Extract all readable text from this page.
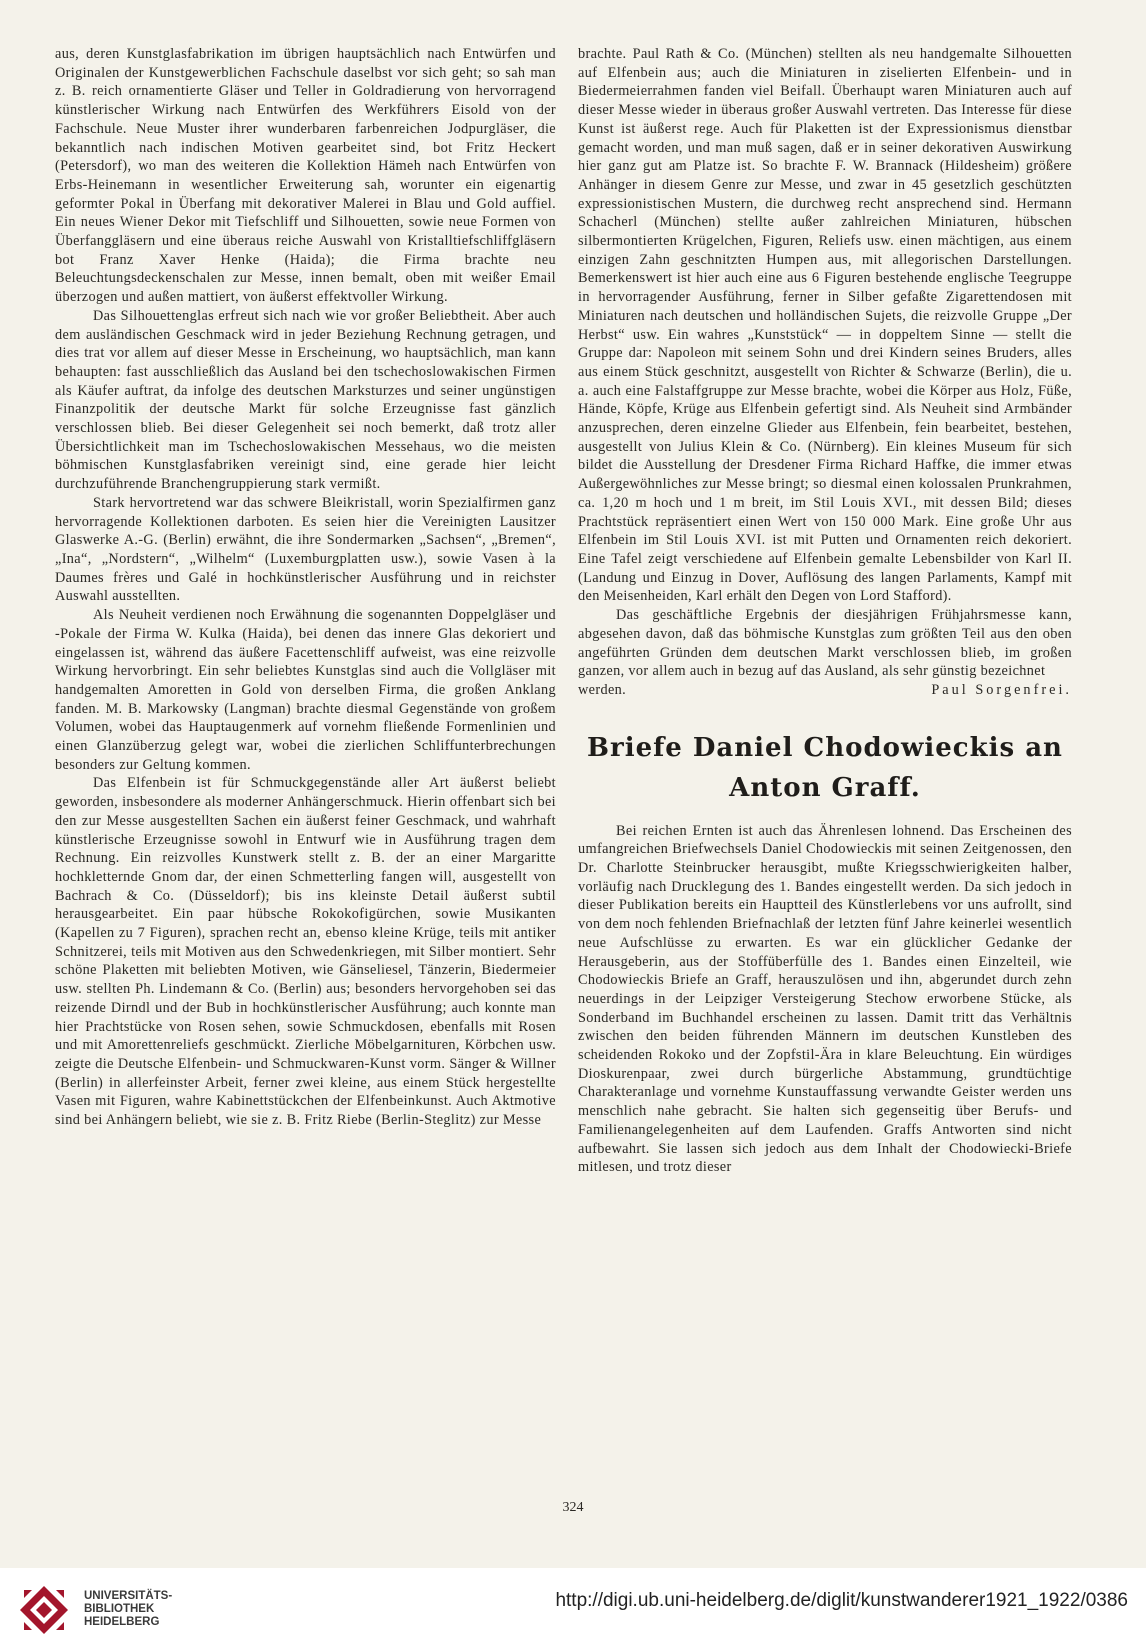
aus, deren Kunstglasfabrikation im übrigen hauptsächlich nach Entwürfen und Originalen der Kunstgewerblichen Fachschule daselbst vor sich geht; so sah man z. B. reich ornamentierte Gläser und Teller in Goldradierung von hervorragend künstlerischer Wirkung nach Entwürfen des Werkführers Eisold von der Fachschule. Neue Muster ihrer wunderbaren farbenreichen Jodpurgläser, die bekanntlich nach indischen Motiven gearbeitet sind, bot Fritz Heckert (Petersdorf), wo man des weiteren die Kollektion Hämeh nach Entwürfen von Erbs-Heinemann in wesentlicher Erweiterung sah, worunter ein eigenartig geformter Pokal in Überfang mit dekorativer Malerei in Blau und Gold auffiel. Ein neues Wiener Dekor mit Tiefschliff und Silhouetten, sowie neue Formen von Überfanggläsern und eine überaus reiche Auswahl von Kristalltiefschliffgläsern bot Franz Xaver Henke (Haida); die Firma brachte neu Beleuchtungsdeckenschalen zur Messe, innen bemalt, oben mit weißer Email überzogen und außen mattiert, von äußerst effektvoller Wirkung.

Das Silhouettenglas erfreut sich nach wie vor großer Beliebtheit. Aber auch dem ausländischen Geschmack wird in jeder Beziehung Rechnung getragen, und dies trat vor allem auf dieser Messe in Erscheinung, wo hauptsächlich, man kann behaupten: fast ausschließlich das Ausland bei den tschechoslowakischen Firmen als Käufer auftrat, da infolge des deutschen Marksturzes und seiner ungünstigen Finanzpolitik der deutsche Markt für solche Erzeugnisse fast gänzlich verschlossen blieb. Bei dieser Gelegenheit sei noch bemerkt, daß trotz aller Übersichtlichkeit man im Tschechoslowakischen Messehaus, wo die meisten böhmischen Kunstglasfabriken vereinigt sind, eine gerade hier leicht durchzuführende Branchengruppierung stark vermißt.

Stark hervortretend war das schwere Bleikristall, worin Spezialfirmen ganz hervorragende Kollektionen darboten. Es seien hier die Vereinigten Lausitzer Glaswerke A.-G. (Berlin) erwähnt, die ihre Sondermarken „Sachsen“, „Bremen“, „Ina“, „Nordstern“, „Wilhelm“ (Luxemburgplatten usw.), sowie Vasen à la Daumes frères und Galé in hochkünstlerischer Ausführung und in reichster Auswahl ausstellten.

Als Neuheit verdienen noch Erwähnung die sogenannten Doppelgläser und -Pokale der Firma W. Kulka (Haida), bei denen das innere Glas dekoriert und eingelassen ist, während das äußere Facettenschliff aufweist, was eine reizvolle Wirkung hervorbringt. Ein sehr beliebtes Kunstglas sind auch die Vollgläser mit handgemalten Amoretten in Gold von derselben Firma, die großen Anklang fanden. M. B. Markowsky (Langman) brachte diesmal Gegenstände von großem Volumen, wobei das Hauptaugenmerk auf vornehm fließende Formenlinien und einen Glanzüberzug gelegt war, wobei die zierlichen Schliffunterbrechungen besonders zur Geltung kommen.

Das Elfenbein ist für Schmuckgegenstände aller Art äußerst beliebt geworden, insbesondere als moderner Anhängerschmuck. Hierin offenbart sich bei den zur Messe ausgestellten Sachen ein äußerst feiner Geschmack, und wahrhaft künstlerische Erzeugnisse sowohl in Entwurf wie in Ausführung tragen dem Rechnung. Ein reizvolles Kunstwerk stellt z. B. der an einer Margaritte hochkletternde Gnom dar, der einen Schmetterling fangen will, ausgestellt von Bachrach & Co. (Düsseldorf); bis ins kleinste Detail äußerst subtil herausgearbeitet. Ein paar hübsche Rokokofigürchen, sowie Musikanten (Kapellen zu 7 Figuren), sprachen recht an, ebenso kleine Krüge, teils mit antiker Schnitzerei, teils mit Motiven aus den Schwedenkriegen, mit Silber montiert. Sehr schöne Plaketten mit beliebten Motiven, wie Gänseliesel, Tänzerin, Biedermeier usw. stellten Ph. Lindemann & Co. (Berlin) aus; besonders hervorgehoben sei das reizende Dirndl und der Bub in hochkünstlerischer Ausführung; auch konnte man hier Prachtstücke von Rosen sehen, sowie Schmuckdosen, ebenfalls mit Rosen und mit Amorettenreliefs geschmückt. Zierliche Möbelgarnituren, Körbchen usw. zeigte die Deutsche Elfenbein- und Schmuckwaren-Kunst vorm. Sänger & Willner (Berlin) in allerfeinster Arbeit, ferner zwei kleine, aus einem Stück hergestellte Vasen mit Figuren, wahre Kabinettstückchen der Elfenbeinkunst. Auch Aktmotive sind bei Anhängern beliebt, wie sie z. B. Fritz Riebe (Berlin-Steglitz) zur Messe

brachte. Paul Rath & Co. (München) stellten als neu handgemalte Silhouetten auf Elfenbein aus; auch die Miniaturen in ziselierten Elfenbein- und in Biedermeierrahmen fanden viel Beifall. Überhaupt waren Miniaturen auch auf dieser Messe wieder in überaus großer Auswahl vertreten. Das Interesse für diese Kunst ist äußerst rege. Auch für Plaketten ist der Expressionismus dienstbar gemacht worden, und man muß sagen, daß er in seiner dekorativen Auswirkung hier ganz gut am Platze ist. So brachte F. W. Brannack (Hildesheim) größere Anhänger in diesem Genre zur Messe, und zwar in 45 gesetzlich geschützten expressionistischen Mustern, die durchweg recht ansprechend sind. Hermann Schacherl (München) stellte außer zahlreichen Miniaturen, hübschen silbermontierten Krügelchen, Figuren, Reliefs usw. einen mächtigen, aus einem einzigen Zahn geschnitzten Humpen aus, mit allegorischen Darstellungen. Bemerkenswert ist hier auch eine aus 6 Figuren bestehende englische Teegruppe in hervorragender Ausführung, ferner in Silber gefaßte Zigarettendosen mit Miniaturen nach deutschen und holländischen Sujets, die reizvolle Gruppe „Der Herbst“ usw. Ein wahres „Kunststück“ — in doppeltem Sinne — stellt die Gruppe dar: Napoleon mit seinem Sohn und drei Kindern seines Bruders, alles aus einem Stück geschnitzt, ausgestellt von Richter & Schwarze (Berlin), die u. a. auch eine Falstaffgruppe zur Messe brachte, wobei die Körper aus Holz, Füße, Hände, Köpfe, Krüge aus Elfenbein gefertigt sind. Als Neuheit sind Armbänder anzusprechen, deren einzelne Glieder aus Elfenbein, fein bearbeitet, bestehen, ausgestellt von Julius Klein & Co. (Nürnberg). Ein kleines Museum für sich bildet die Ausstellung der Dresdener Firma Richard Haffke, die immer etwas Außergewöhnliches zur Messe bringt; so diesmal einen kolossalen Prunkrahmen, ca. 1,20 m hoch und 1 m breit, im Stil Louis XVI., mit dessen Bild; dieses Prachtstück repräsentiert einen Wert von 150 000 Mark. Eine große Uhr aus Elfenbein im Stil Louis XVI. ist mit Putten und Ornamenten reich dekoriert. Eine Tafel zeigt verschiedene auf Elfenbein gemalte Lebensbilder von Karl II. (Landung und Einzug in Dover, Auflösung des langen Parlaments, Kampf mit den Meisenheiden, Karl erhält den Degen von Lord Stafford).

Das geschäftliche Ergebnis der diesjährigen Frühjahrsmesse kann, abgesehen davon, daß das böhmische Kunstglas zum größten Teil aus den oben angeführten Gründen dem deutschen Markt verschlossen blieb, im großen ganzen, vor allem auch in bezug auf das Ausland, als sehr günstig bezeichnet

werden.	Paul Sorgenfrei.

Briefe Daniel Chodowieckis an
Anton Graff.

Bei reichen Ernten ist auch das Ährenlesen lohnend. Das Erscheinen des umfangreichen Briefwechsels Daniel Chodowieckis mit seinen Zeitgenossen, den Dr. Charlotte Steinbrucker herausgibt, mußte Kriegsschwierigkeiten halber, vorläufig nach Drucklegung des 1. Bandes eingestellt werden. Da sich jedoch in dieser Publikation bereits ein Hauptteil des Künstlerlebens vor uns aufrollt, sind von dem noch fehlenden Briefnachlaß der letzten fünf Jahre keinerlei wesentlich neue Aufschlüsse zu erwarten. Es war ein glücklicher Gedanke der Herausgeberin, aus der Stoffüberfülle des 1. Bandes einen Einzelteil, wie Chodowieckis Briefe an Graff, herauszulösen und ihn, abgerundet durch zehn neuerdings in der Leipziger Versteigerung Stechow erworbene Stücke, als Sonderband im Buchhandel erscheinen zu lassen. Damit tritt das Verhältnis zwischen den beiden führenden Männern im deutschen Kunstleben des scheidenden Rokoko und der Zopfstil-Ära in klare Beleuchtung. Ein würdiges Dioskurenpaar, zwei durch bürgerliche Abstammung, grundtüchtige Charakteranlage und vornehme Kunstauffassung verwandte Geister werden uns menschlich nahe gebracht. Sie halten sich gegenseitig über Berufs- und Familienangelegenheiten auf dem Laufenden. Graffs Antworten sind nicht aufbewahrt. Sie lassen sich jedoch aus dem Inhalt der Chodowiecki-Briefe mitlesen, und trotz dieser

324
UNIVERSITÄTS-
BIBLIOTHEK
HEIDELBERG
http://digi.ub.uni-heidelberg.de/diglit/kunstwanderer1921_1922/0386
